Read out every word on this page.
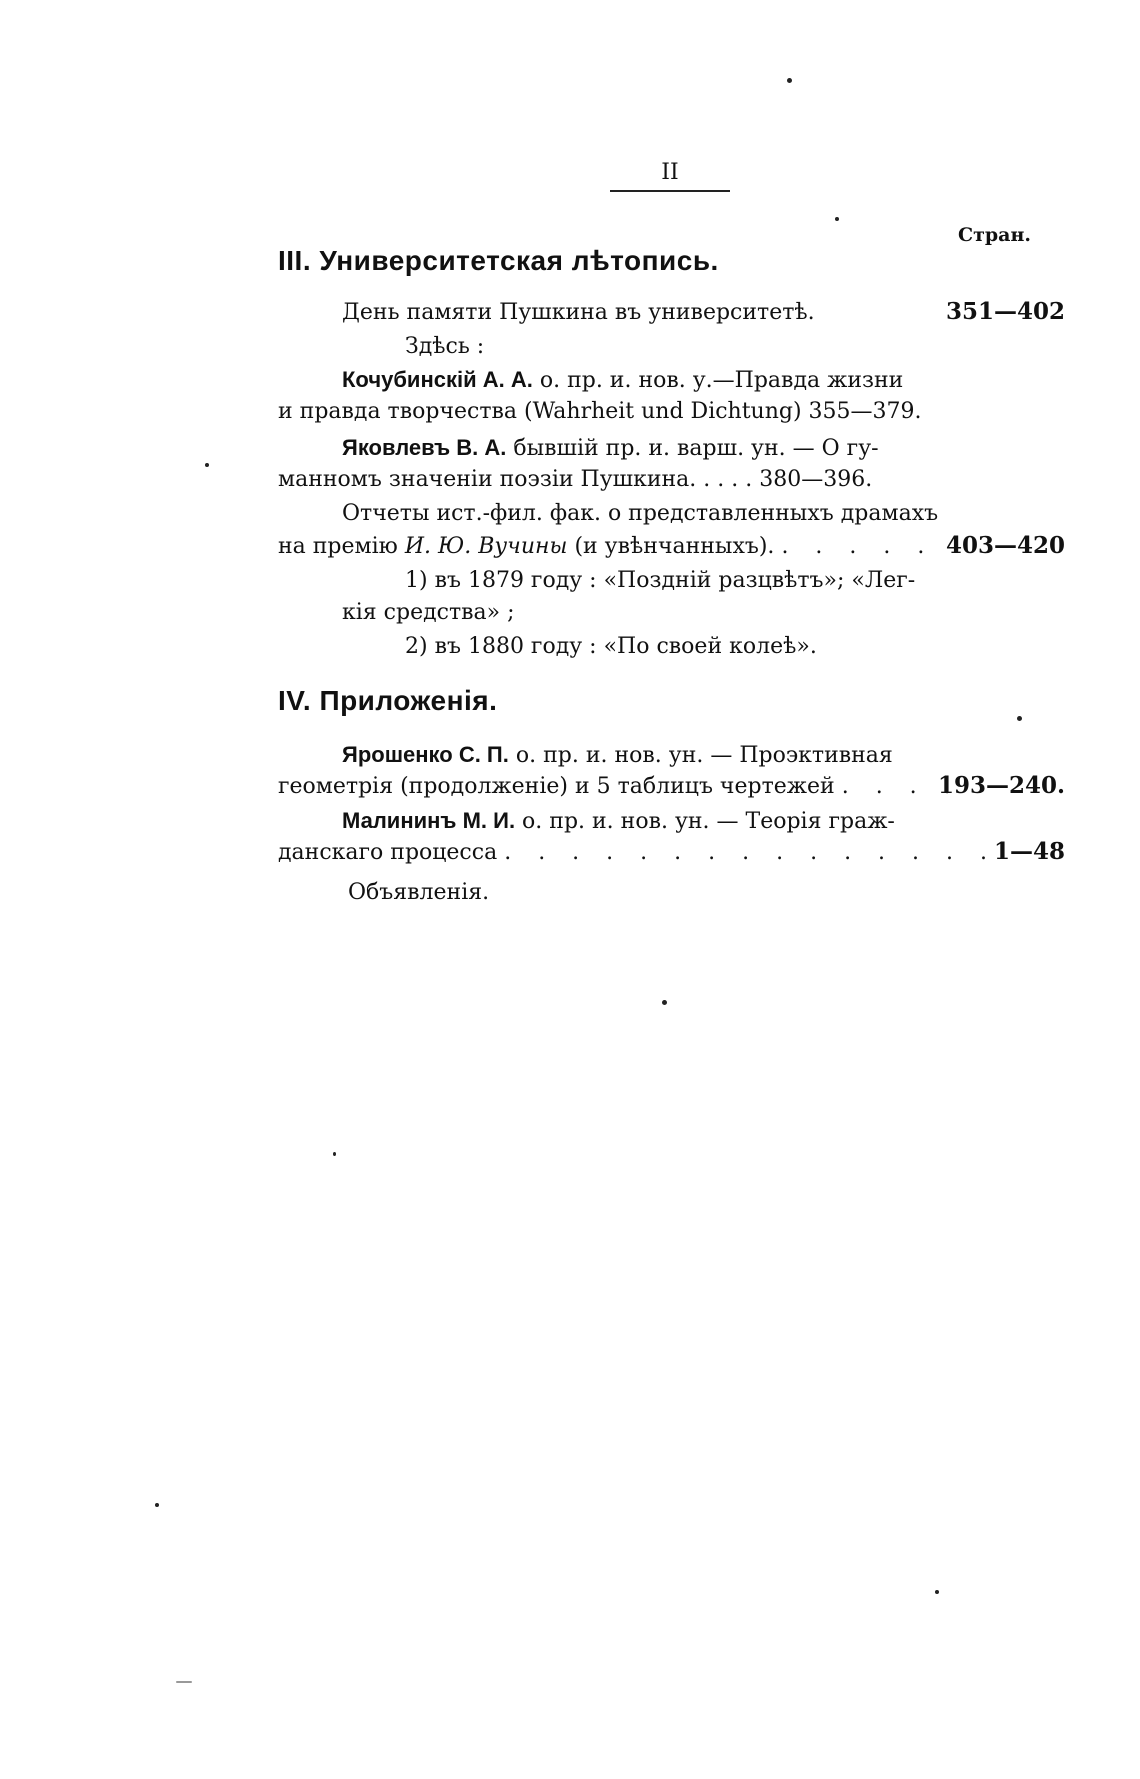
II
Стран.
III. Университетская лѣтопись.
День памяти Пушкина въ университетѣ.	351—402
Здѣсь :
Кочубинскій А. А. о. пр. и. нов. у.—Правда жизни
и правда творчества (Wahrheit und Dichtung) 355—379.
Яковлевъ В. А. бывшій пр. и. варш. ун. — О гу-
манномъ значеніи поэзіи Пушкина. . . . . 380—396.
Отчеты ист.-фил. фак. о представленныхъ драмахъ
на премію И. Ю. Вучины (и увѣнчанныхъ). . . . . . 403—420
1) въ 1879 году : «Поздній разцвѣтъ»; «Лег-
кія средства» ;
2) въ 1880 году : «По своей колеѣ».
IV. Приложенія.
Ярошенко С. П. о. пр. и. нов. ун. — Проэктивная
геометрія (продолженіе) и 5 таблицъ чертежей . . . .
193—240.
Малининъ М. И. о. пр. и. нов. ун. — Теорія граж-
данскаго процесса . . . . . . . . . . . . . . .
1—48
Объявленія.
